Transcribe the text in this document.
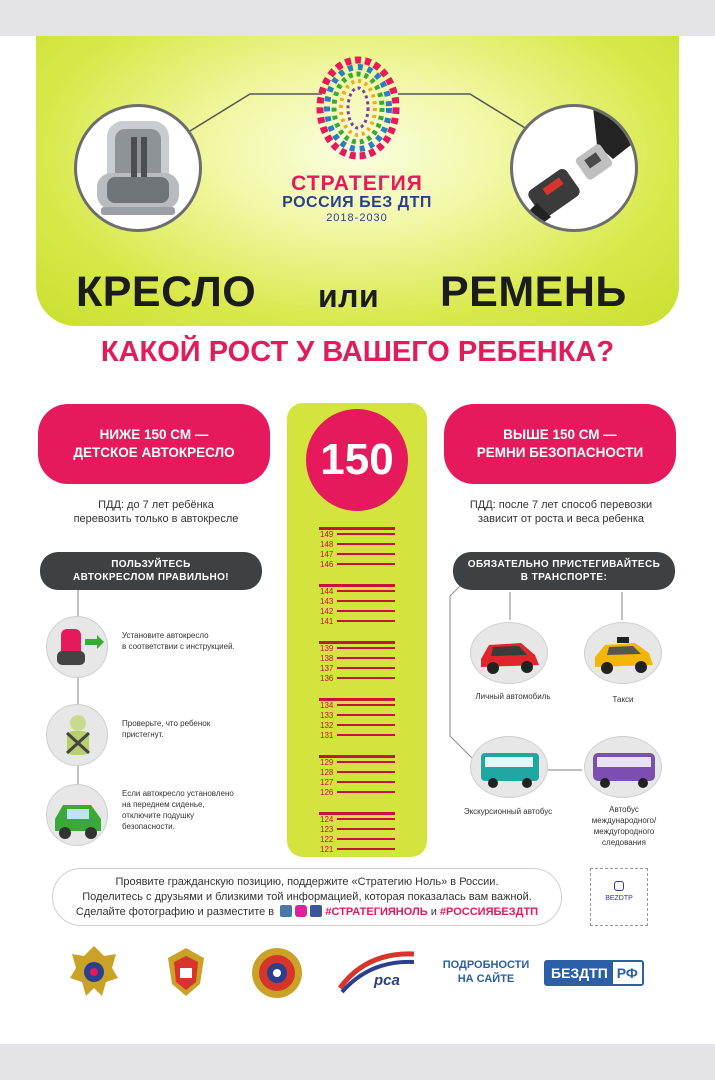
СТРАТЕГИЯ
РОССИЯ БЕЗ ДТП
2018-2030
КРЕСЛО или РЕМЕНЬ
КАКОЙ РОСТ У ВАШЕГО РЕБЕНКА?
НИЖЕ 150 СМ —
ДЕТСКОЕ АВТОКРЕСЛО
ВЫШЕ 150 СМ —
РЕМНИ БЕЗОПАСНОСТИ
ПДД: до 7 лет ребёнка
перевозить только в автокресле
ПДД: после 7 лет способ перевозки
зависит от роста и веса ребенка
150
149
148
147
146
144
143
142
141
139
138
137
136
134
133
132
131
129
128
127
126
124
123
122
121
ПОЛЬЗУЙТЕСЬ
АВТОКРЕСЛОМ ПРАВИЛЬНО!
Установите автокресло
в соответствии с инструкцией.
Проверьте, что ребенок
пристегнут.
Если автокресло установлено
на переднем сиденье,
отключите подушку
безопасности.
ОБЯЗАТЕЛЬНО ПРИСТЕГИВАЙТЕСЬ
В ТРАНСПОРТЕ:
Личный автомобиль	Такси
Экскурсионный автобус	Автобус
международного/
междугородного
следования
Проявите гражданскую позицию, поддержите «Стратегию Ноль» в России.
Поделитесь с друзьями и близкими той информацией, которая показалась вам важной.
Сделайте фотографию и разместите в	#СТРАТЕГИЯНОЛЬ и #РОССИЯБЕЗДТП
BEZDTP
рса
ПОДРОБНОСТИ
НА САЙТЕ	БЕЗДТП РФ
